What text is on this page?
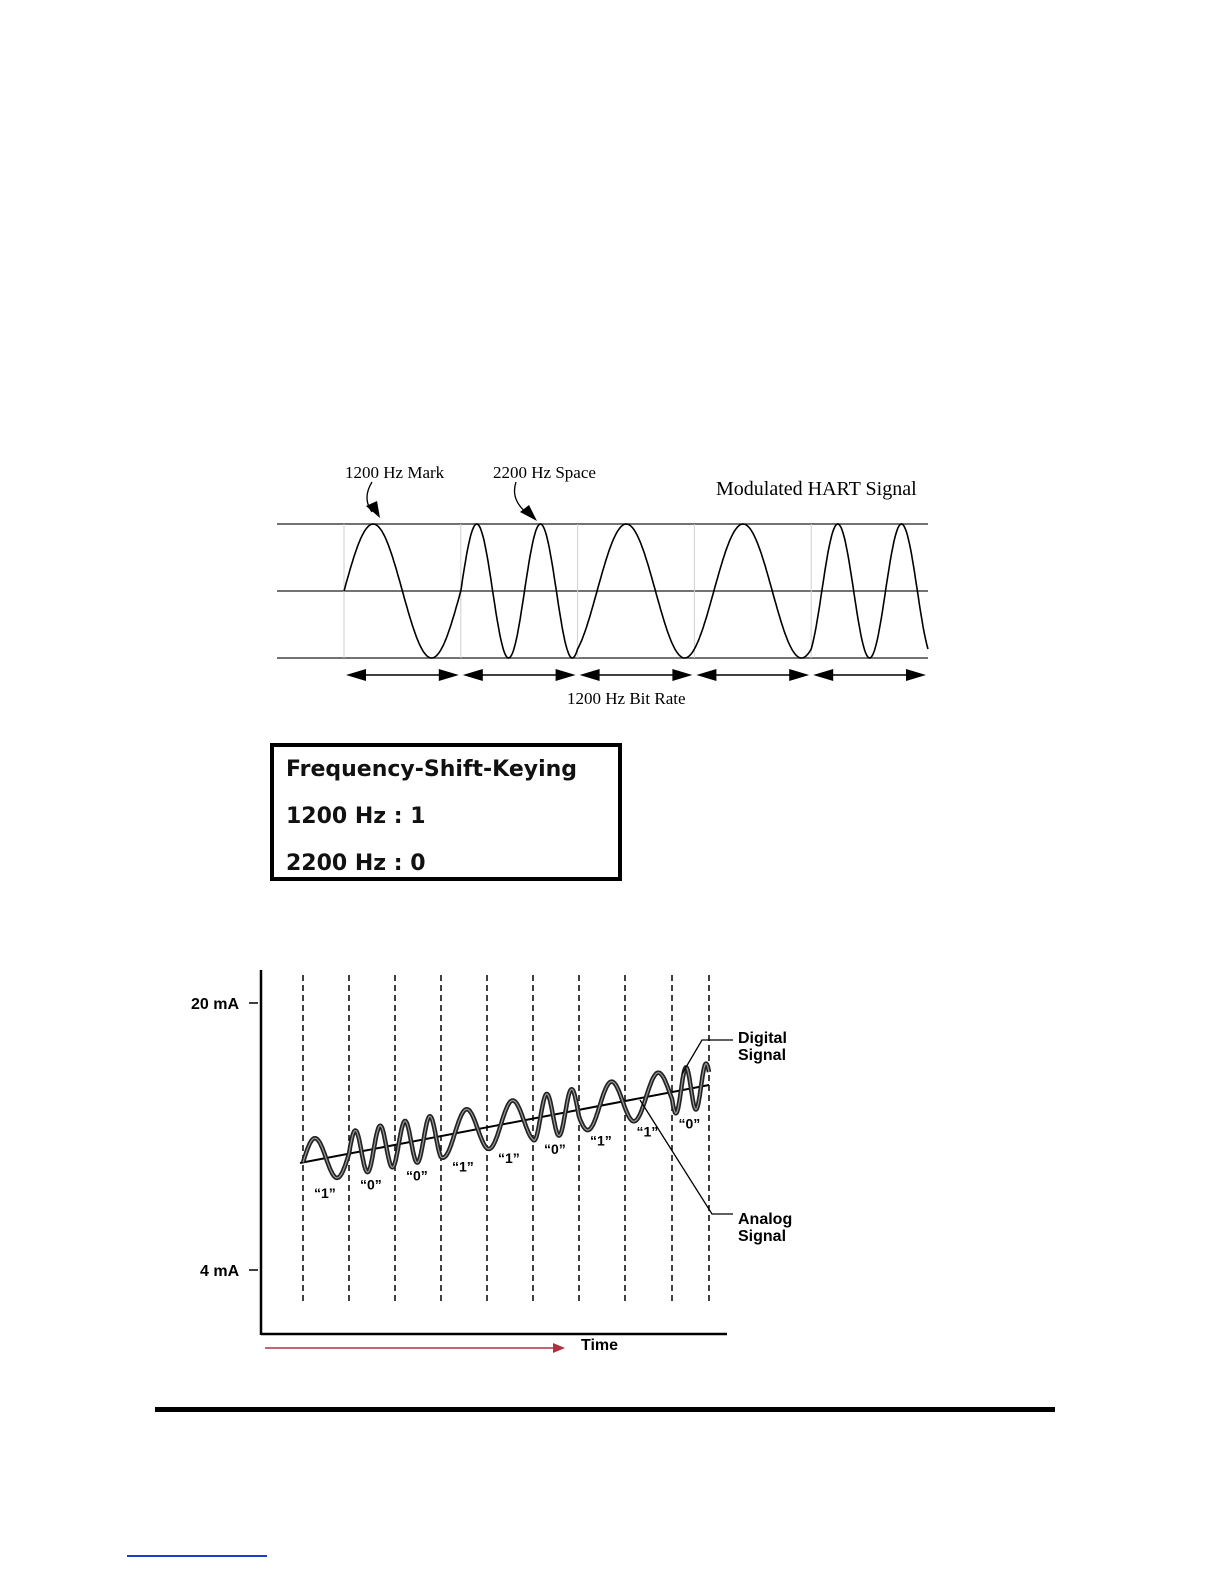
1200 Hz Mark	2200 Hz Space
Modulated HART Signal
1200 Hz Bit Rate
Frequency-Shift-Keying
1200 Hz : 1
2200 Hz : 0
20 mA
4 mA
“1”
“0”
“0”
“1”
“1”
“0”
“1”
“1” “0”
Digital
Signal
Analog
Signal
Time
